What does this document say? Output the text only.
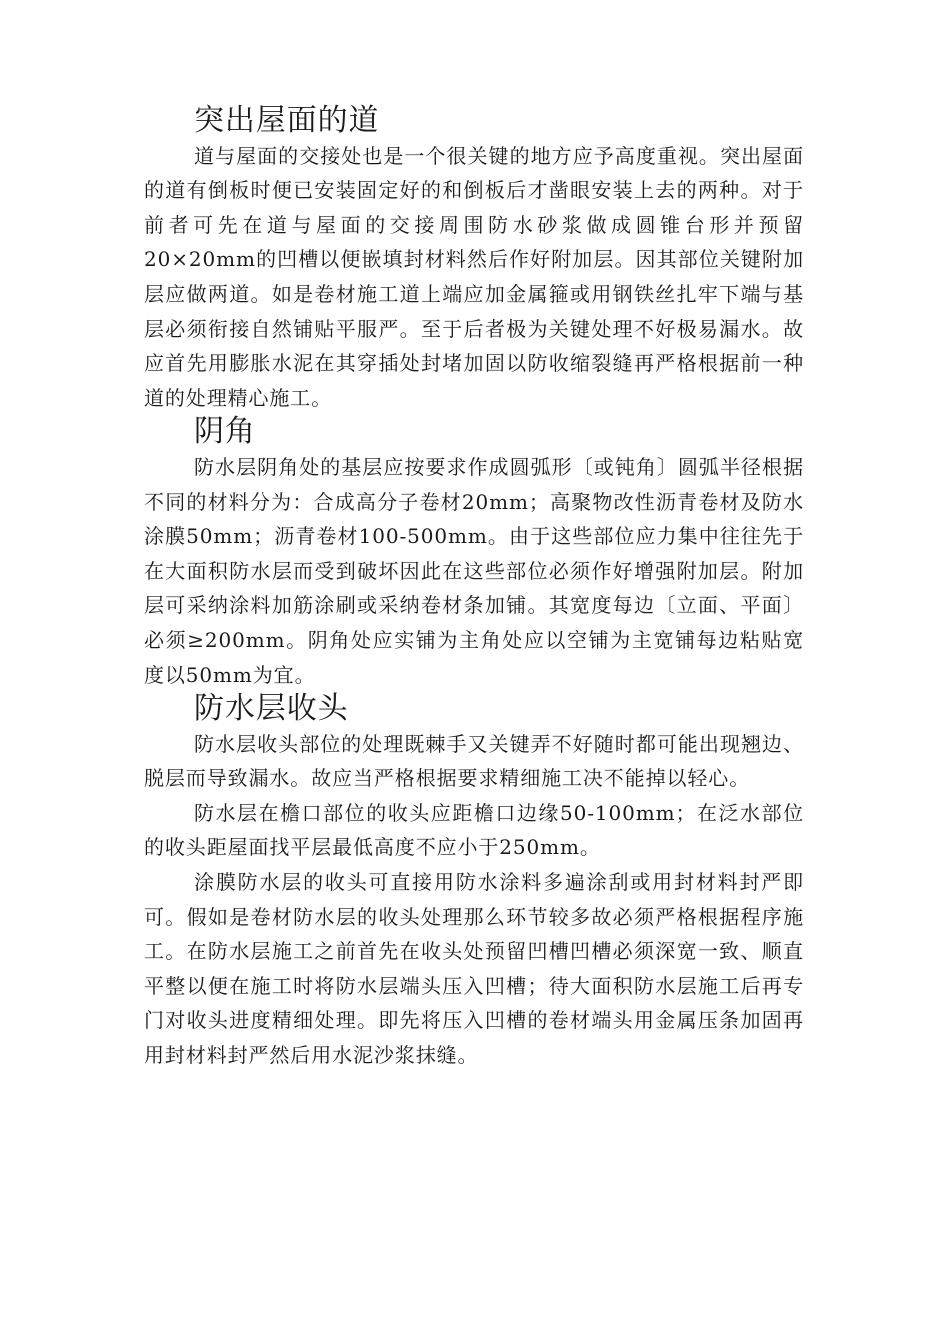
突出屋面的道

道与屋面的交接处也是一个很关键的地方应予高度重视。突出屋面的道有倒板时便已安装固定好的和倒板后才凿眼安装上去的两种。对于前者可先在道与屋面的交接周围防水砂浆做成圆锥台形并预留20×20mm的凹槽以便嵌填封材料然后作好附加层。因其部位关键附加层应做两道。如是卷材施工道上端应加金属箍或用钢铁丝扎牢下端与基层必须衔接自然铺贴平服严。至于后者极为关键处理不好极易漏水。故应首先用膨胀水泥在其穿插处封堵加固以防收缩裂缝再严格根据前一种道的处理精心施工。

阴角

防水层阴角处的基层应按要求作成圆弧形〔或钝角〕圆弧半径根据不同的材料分为：合成高分子卷材20mm；高聚物改性沥青卷材及防水涂膜50mm；沥青卷材100-500mm。由于这些部位应力集中往往先于在大面积防水层而受到破坏因此在这些部位必须作好增强附加层。附加层可采纳涂料加筋涂刷或采纳卷材条加铺。其宽度每边〔立面、平面〕必须≥200mm。阴角处应实铺为主角处应以空铺为主宽铺每边粘贴宽度以50mm为宜。

防水层收头

防水层收头部位的处理既棘手又关键弄不好随时都可能出现翘边、脱层而导致漏水。故应当严格根据要求精细施工决不能掉以轻心。

防水层在檐口部位的收头应距檐口边缘50-100mm；在泛水部位的收头距屋面找平层最低高度不应小于250mm。

涂膜防水层的收头可直接用防水涂料多遍涂刮或用封材料封严即可。假如是卷材防水层的收头处理那么环节较多故必须严格根据程序施工。在防水层施工之前首先在收头处预留凹槽凹槽必须深宽一致、顺直平整以便在施工时将防水层端头压入凹槽；待大面积防水层施工后再专门对收头进度精细处理。即先将压入凹槽的卷材端头用金属压条加固再用封材料封严然后用水泥沙浆抹缝。
